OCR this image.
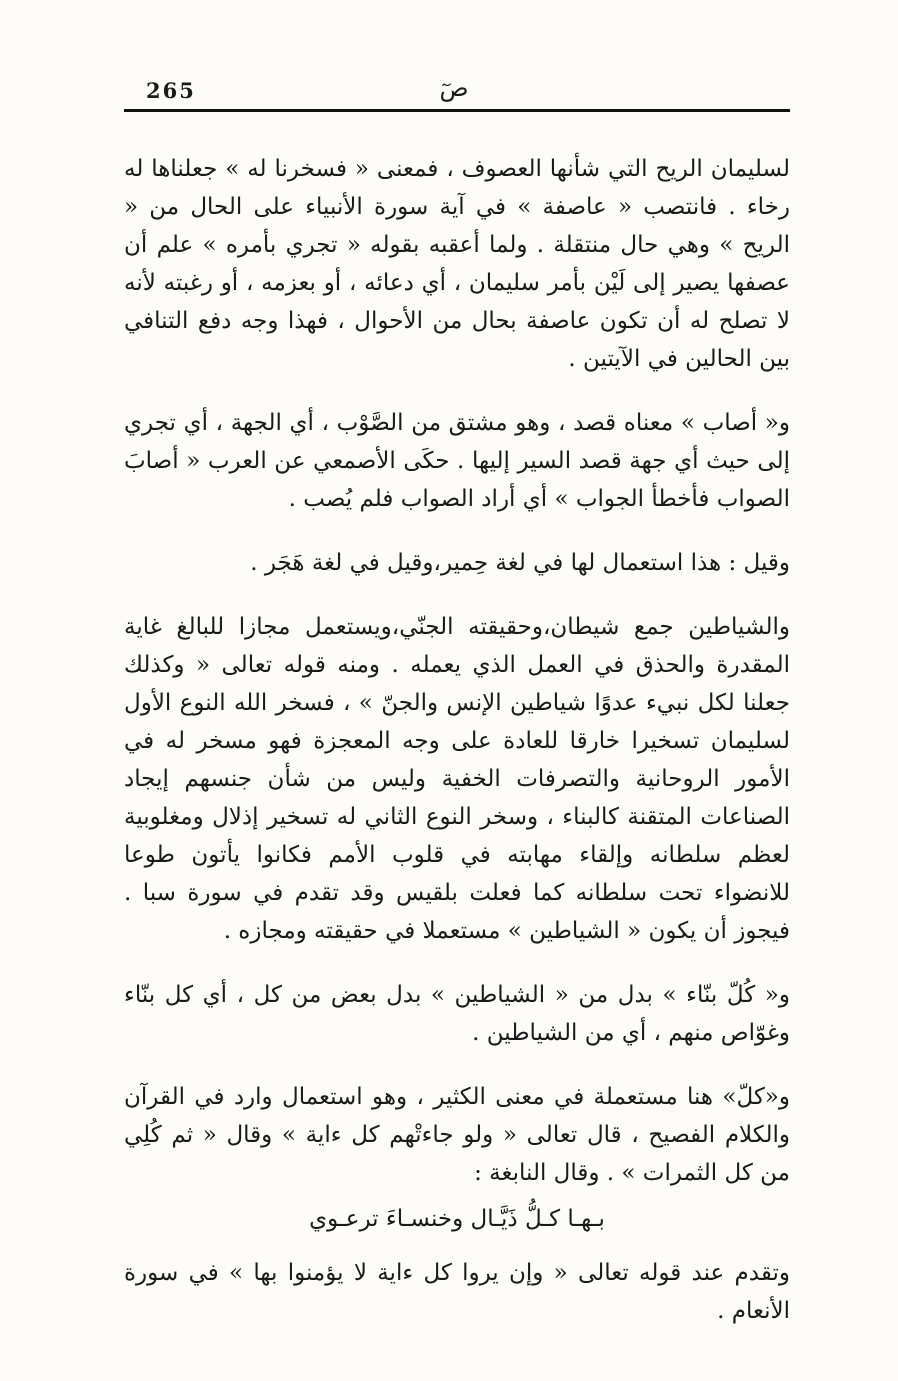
265	صٓ

لسليمان الريح التي شأنها العصوف ، فمعنى « فسخرنا له » جعلناها له رخاء . فانتصب « عاصفة » في آية سورة الأنبياء على الحال من « الريح » وهي حال منتقلة . ولما أعقبه بقوله « تجري بأمره » علم أن عصفها يصير إلى لَيْن بأمر سليمان ، أي دعائه ، أو بعزمه ، أو رغبته لأنه لا تصلح له أن تكون عاصفة بحال من الأحوال ، فهذا وجه دفع التنافي بين الحالين في الآيتين .

و« أصاب » معناه قصد ، وهو مشتق من الصَّوْب ، أي الجهة ، أي تجري إلى حيث أي جهة قصد السير إليها . حكَى الأصمعي عن العرب « أصابَ الصواب فأخطأ الجواب » أي أراد الصواب فلم يُصب .

وقيل : هذا استعمال لها في لغة حِمير،وقيل في لغة هَجَر .

والشياطين جمع شيطان،وحقيقته الجنّي،ويستعمل مجازا للبالغ غاية المقدرة والحذق في العمل الذي يعمله . ومنه قوله تعالى « وكذلك جعلنا لكل نبيء عدوًا شياطين الإنس والجنّ » ، فسخر الله النوع الأول لسليمان تسخيرا خارقا للعادة على وجه المعجزة فهو مسخر له في الأمور الروحانية والتصرفات الخفية وليس من شأن جنسهم إيجاد الصناعات المتقنة كالبناء ، وسخر النوع الثاني له تسخير إذلال ومغلوبية لعظم سلطانه وإلقاء مهابته في قلوب الأمم فكانوا يأتون طوعا للانضواء تحت سلطانه كما فعلت بلقيس وقد تقدم في سورة سبا . فيجوز أن يكون « الشياطين » مستعملا في حقيقته ومجازه .

و« كُلّ بنّاء » بدل من « الشياطين » بدل بعض من كل ، أي كل بنّاء وغوّاص منهم ، أي من الشياطين .

و«كلّ» هنا مستعملة في معنى الكثير ، وهو استعمال وارد في القرآن والكلام الفصيح ، قال تعالى « ولو جاءتْهم كل ءاية » وقال « ثم كُلِي من كل الثمرات » . وقال النابغة :

بـهـا كـلُّ ذَيَّـال وخنسـاءَ ترعـوي

وتقدم عند قوله تعالى « وإن يروا كل ءاية لا يؤمنوا بها » في سورة الأنعام .
